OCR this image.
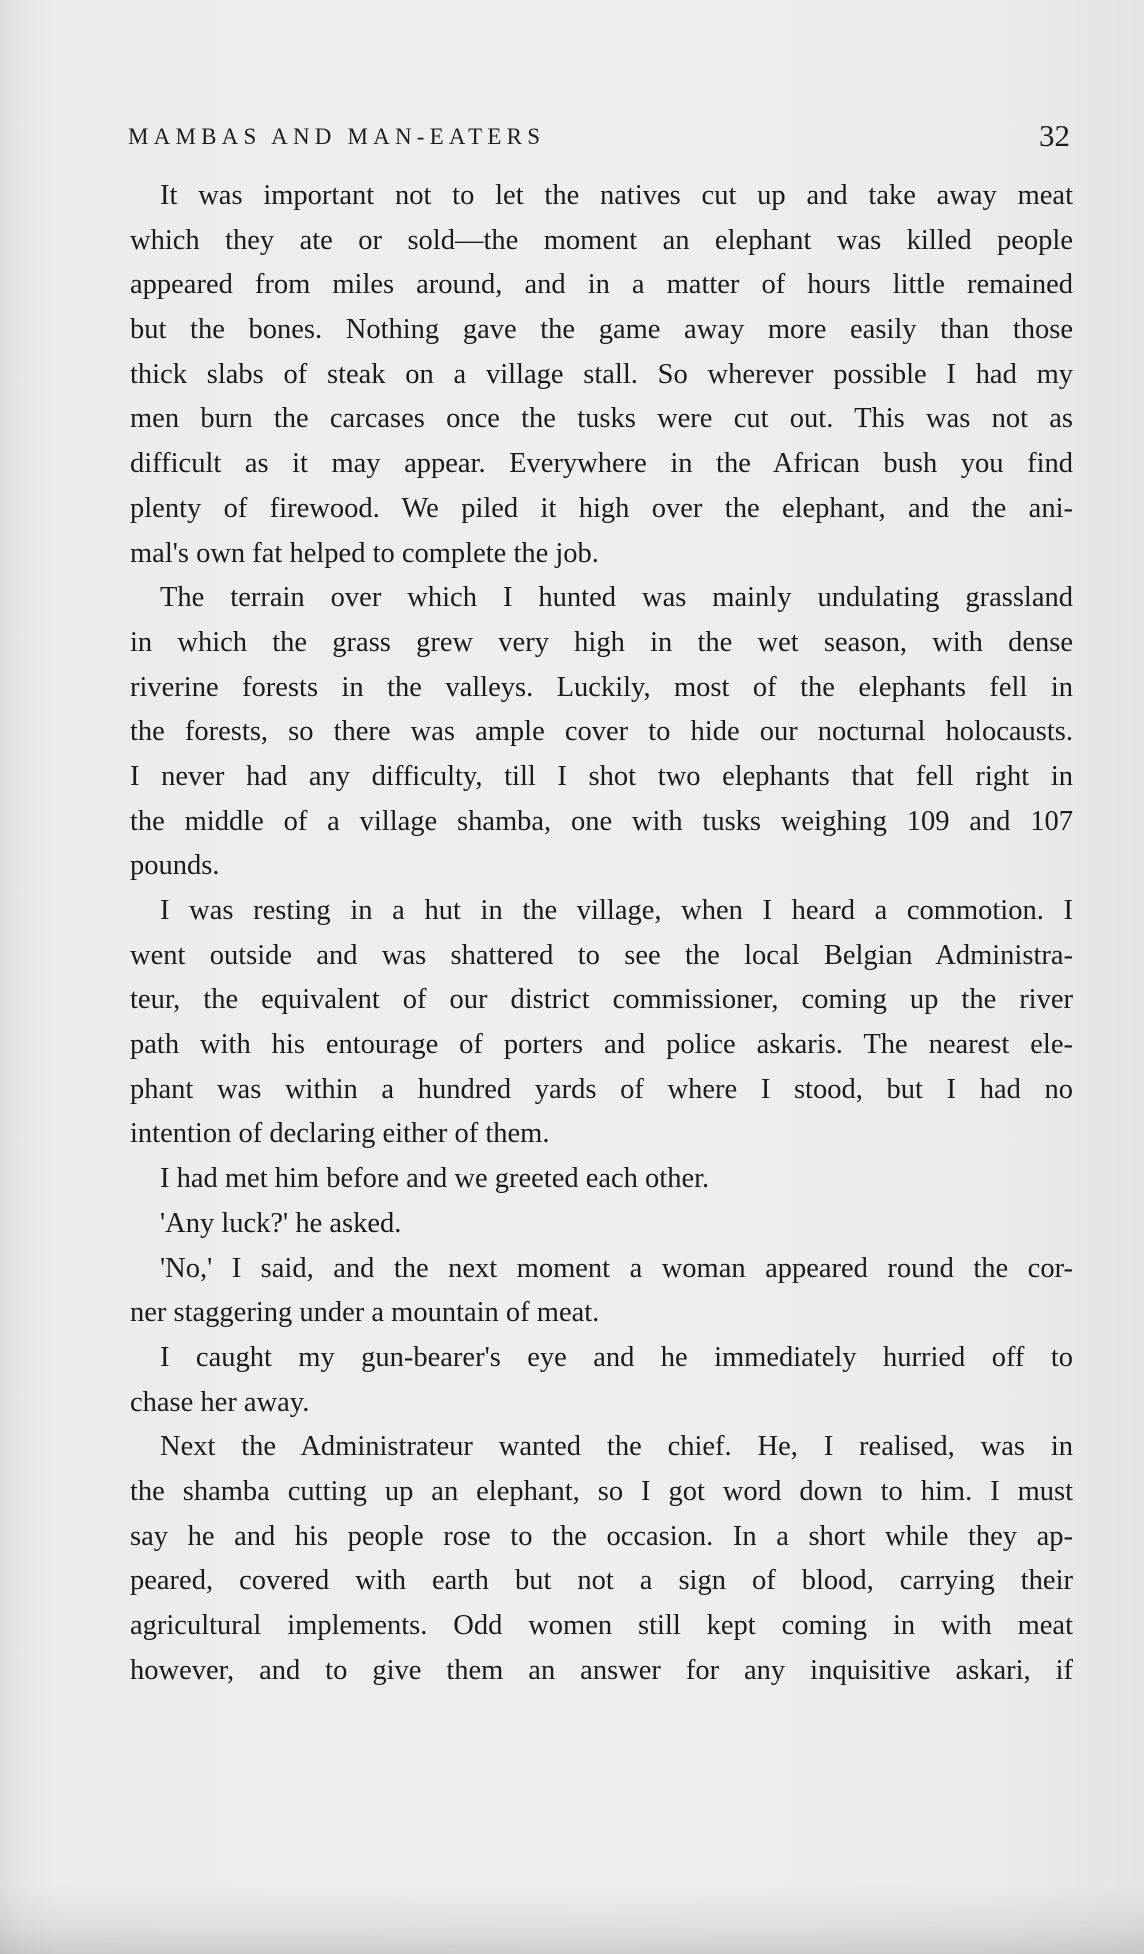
MAMBAS AND MAN-EATERS	32
It was important not to let the natives cut up and take away meat
which they ate or sold—the moment an elephant was killed people
appeared from miles around, and in a matter of hours little remained
but the bones. Nothing gave the game away more easily than those
thick slabs of steak on a village stall. So wherever possible I had my
men burn the carcases once the tusks were cut out. This was not as
difficult as it may appear. Everywhere in the African bush you find
plenty of firewood. We piled it high over the elephant, and the ani-
mal's own fat helped to complete the job.
The terrain over which I hunted was mainly undulating grassland
in which the grass grew very high in the wet season, with dense
riverine forests in the valleys. Luckily, most of the elephants fell in
the forests, so there was ample cover to hide our nocturnal holocausts.
I never had any difficulty, till I shot two elephants that fell right in
the middle of a village shamba, one with tusks weighing 109 and 107
pounds.
I was resting in a hut in the village, when I heard a commotion. I
went outside and was shattered to see the local Belgian Administra-
teur, the equivalent of our district commissioner, coming up the river
path with his entourage of porters and police askaris. The nearest ele-
phant was within a hundred yards of where I stood, but I had no
intention of declaring either of them.
I had met him before and we greeted each other.
'Any luck?' he asked.
'No,' I said, and the next moment a woman appeared round the cor-
ner staggering under a mountain of meat.
I caught my gun-bearer's eye and he immediately hurried off to
chase her away.
Next the Administrateur wanted the chief. He, I realised, was in
the shamba cutting up an elephant, so I got word down to him. I must
say he and his people rose to the occasion. In a short while they ap-
peared, covered with earth but not a sign of blood, carrying their
agricultural implements. Odd women still kept coming in with meat
however, and to give them an answer for any inquisitive askari, if
